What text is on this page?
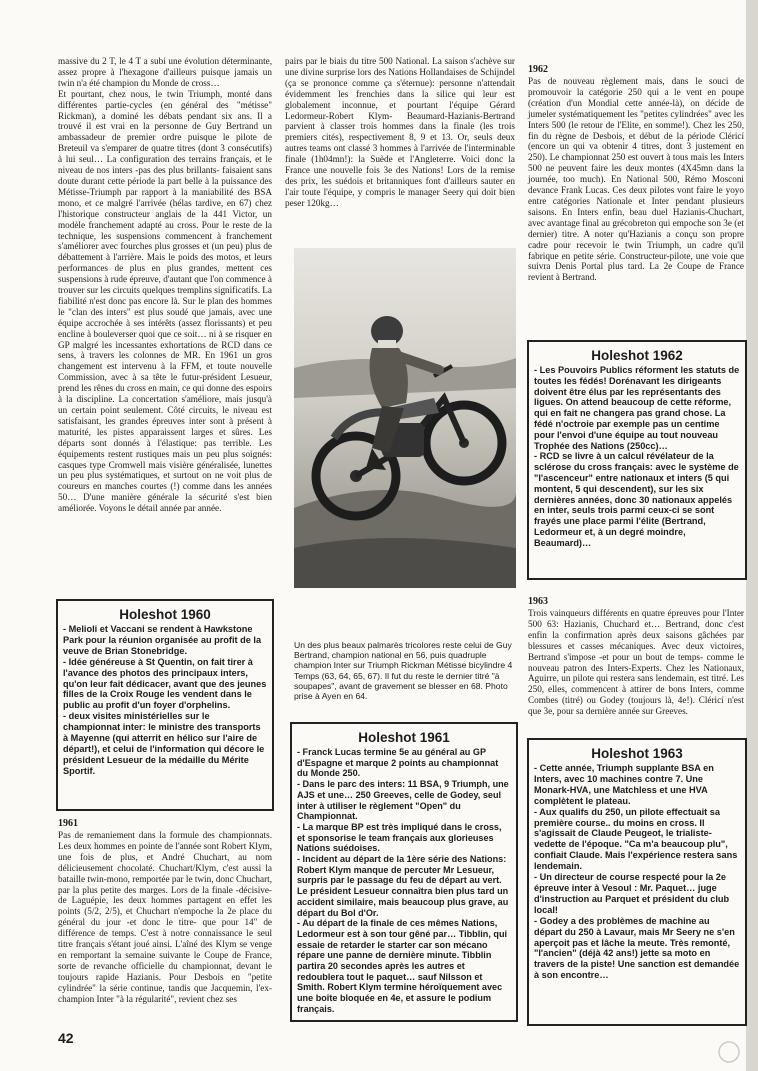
massive du 2 T, le 4 T a subi une évolution déterminante, assez propre à l'hexagone d'ailleurs puisque jamais un twin n'a été champion du Monde de cross…
Et pourtant, chez nous, le twin Triumph, monté dans différentes partie-cycles (en général des "métisse" Rickman), a dominé les débats pendant six ans. Il a trouvé il est vrai en la personne de Guy Bertrand un ambassadeur de premier ordre puisque le pilote de Breteuil va s'emparer de quatre titres (dont 3 consécutifs) à lui seul… La configuration des terrains français, et le niveau de nos inters -pas des plus brillants- faisaient sans doute durant cette période la part belle à la puissance des Métisse-Triumph par rapport à la maniabilité des BSA mono, et ce malgré l'arrivée (hélas tardive, en 67) chez l'historique constructeur anglais de la 441 Victor, un modèle franchement adapté au cross. Pour le reste de la technique, les suspensions commencent à franchement s'améliorer avec fourches plus grosses et (un peu) plus de débattement à l'arrière. Mais le poids des motos, et leurs performances de plus en plus grandes, mettent ces suspensions à rude épreuve, d'autant que l'on commence à trouver sur les circuits quelques tremplins significatifs. La fiabilité n'est donc pas encore là. Sur le plan des hommes le "clan des inters" est plus soudé que jamais, avec une équipe accrochée à ses intérêts (assez florissants) et peu encline à bouleverser quoi que ce soit… ni à se risquer en GP malgré les incessantes exhortations de RCD dans ce sens, à travers les colonnes de MR. En 1961 un gros changement est intervenu à la FFM, et toute nouvelle Commission, avec à sa tête le futur-président Lesueur, prend les rênes du cross en main, ce qui donne des espoirs à la discipline. La concertation s'améliore, mais jusqu'à un certain point seulement. Côté circuits, le niveau est satisfaisant, les grandes épreuves inter sont à présent à maturité, les pistes apparaissent larges et sûres. Les départs sont donnés à l'élastique: pas terrible. Les équipements restent rustiques mais un peu plus soignés: casques type Cromwell mais visière généralisée, lunettes un peu plus systématiques, et surtout on ne voit plus de coureurs en manches courtes (!) comme dans les années 50… D'une manière générale la sécurité s'est bien améliorée. Voyons le détail année par année.

Holeshot 1960

- Melioli et Vaccani se rendent à Hawkstone Park pour la réunion organisée au profit de la veuve de Brian Stonebridge.
- Idée généreuse à St Quentin, on fait tirer à l'avance des photos des principaux inters, qu'on leur fait dédicacer, avant que des jeunes filles de la Croix Rouge les vendent dans le public au profit d'un foyer d'orphelins.
- deux visites ministérielles sur le championnat inter: le ministre des transports à Mayenne (qui atterrit en hélico sur l'aire de départ!), et celui de l'information qui décore le président Lesueur de la médaille du Mérite Sportif.

1961

Pas de remaniement dans la formule des championnats. Les deux hommes en pointe de l'année sont Robert Klym, une fois de plus, et André Chuchart, au nom délicieusement chocolaté. Chuchart/Klym, c'est aussi la bataille twin-mono, remportée par le twin, donc Chuchart, par la plus petite des marges. Lors de la finale -décisive- de Laguépie, les deux hommes partagent en effet les points (5/2, 2/5), et Chuchart n'empoche la 2e place du général du jour -et donc le titre- que pour 14" de différence de temps. C'est à notre connaissance le seul titre français s'étant joué ainsi. L'aîné des Klym se venge en remportant la semaine suivante le Coupe de France, sorte de revanche officielle du championnat, devant le toujours rapide Hazianis. Pour Desbois en "petite cylindrée" la série continue, tandis que Jacquemin, l'ex-champion Inter "à la régularité", revient chez ses

pairs par le biais du titre 500 National. La saison s'achève sur une divine surprise lors des Nations Hollandaises de Schijndel (ça se prononce comme ça s'éternue): personne n'attendait évidemment les frenchies dans la silice qui leur est globalement inconnue, et pourtant l'équipe Gérard Ledormeur-Robert Klym- Beaumard-Hazianis-Bertrand parvient à classer trois hommes dans la finale (les trois premiers cités), respectivement 8, 9 et 13. Or, seuls deux autres teams ont classé 3 hommes à l'arrivée de l'interminable finale (1h04mn!): la Suède et l'Angleterre. Voici donc la France une nouvelle fois 3e des Nations! Lors de la remise des prix, les suédois et britanniques font d'ailleurs sauter en l'air toute l'équipe, y compris le manager Seery qui doit bien peser 120kg…

Un des plus beaux palmarès tricolores reste celui de Guy Bertrand, champion national en 56, puis quadruple champion Inter sur Triumph Rickman Métisse bicylindre 4 Temps (63, 64, 65, 67). Il fut du reste le dernier titré "à soupapes", avant de gravement se blesser en 68. Photo prise à Ayen en 64.

Holeshot 1961

- Franck Lucas termine 5e au général au GP d'Espagne et marque 2 points au championnat du Monde 250.
- Dans le parc des inters: 11 BSA, 9 Triumph, une AJS et une… 250 Greeves, celle de Godey, seul inter à utiliser le règlement "Open" du Championnat.
- La marque BP est très impliqué dans le cross, et sponsorise le team français aux glorieuses Nations suédoises.
- Incident au départ de la 1ère série des Nations: Robert Klym manque de percuter Mr Lesueur, surpris par le passage du feu de départ au vert. Le président Lesueur connaîtra bien plus tard un accident similaire, mais beaucoup plus grave, au départ du Bol d'Or.
- Au départ de la finale de ces mêmes Nations, Ledormeur est à son tour gêné par… Tibblin, qui essaie de retarder le starter car son mécano répare une panne de dernière minute. Tibblin partira 20 secondes après les autres et redoublera tout le paquet… sauf Nilsson et Smith. Robert Klym termine héroïquement avec une boîte bloquée en 4e, et assure le podium français.

1962

Pas de nouveau règlement mais, dans le souci de promouvoir la catégorie 250 qui a le vent en poupe (création d'un Mondial cette année-là), on décide de jumeler systématiquement les "petites cylindrées" avec les Inters 500 (le retour de l'Elite, en somme!). Chez les 250, fin du règne de Desbois, et début de la période Cléricí (encore un qui va obtenir 4 titres, dont 3 justement en 250). Le championnat 250 est ouvert à tous mais les Inters 500 ne peuvent faire les deux montes (4X45mn dans la journée, too much). En National 500, Rémo Mosconi devance Frank Lucas. Ces deux pilotes vont faire le yoyo entre catégories Nationale et Inter pendant plusieurs saisons. En Inters enfin, beau duel Hazianis-Chuchart, avec avantage final au grécobreton qui empoche son 3e (et dernier) titre. A noter qu'Hazianis a conçu son propre cadre pour recevoir le twin Triumph, un cadre qu'il fabrique en petite série. Constructeur-pilote, une voie que suivra Denis Portal plus tard. La 2e Coupe de France revient à Bertrand.

Holeshot 1962

- Les Pouvoirs Publics réforment les statuts de toutes les fédés! Dorénavant les dirigeants doivent être élus par les représentants des ligues. On attend beaucoup de cette réforme, qui en fait ne changera pas grand chose. La fédé n'octroie par exemple pas un centime pour l'envoi d'une équipe au tout nouveau Trophée des Nations (250cc)…
- RCD se livre à un calcul révélateur de la sclérose du cross français: avec le système de "l'ascenceur" entre nationaux et inters (5 qui montent, 5 qui descendent), sur les six dernières années, donc 30 nationaux appelés en inter, seuls trois parmi ceux-ci se sont frayés une place parmi l'élite (Bertrand, Ledormeur et, à un degré moindre, Beaumard)…

1963

Trois vainqueurs différents en quatre épreuves pour l'Inter 500 63: Hazianis, Chuchard et… Bertrand, donc c'est enfin la confirmation après deux saisons gâchées par blessures et casses mécaniques. Avec deux victoires, Bertrand s'impose -et pour un bout de temps- comme le nouveau patron des Inters-Experts. Chez les Nationaux, Aguirre, un pilote qui restera sans lendemain, est titré. Les 250, elles, commencent à attirer de bons Inters, comme Combes (titré) ou Godey (toujours là, 4e!). Cléricí n'est que 3e, pour sa dernière année sur Greeves.

Holeshot 1963

- Cette année, Triumph supplante BSA en Inters, avec 10 machines contre 7. Une Monark-HVA, une Matchless et une HVA complètent le plateau.
- Aux qualifs du 250, un pilote effectuait sa première course.. du moins en cross. Il s'agissait de Claude Peugeot, le trialiste-vedette de l'époque. "Ca m'a beaucoup plu", confiait Claude. Mais l'expérience restera sans lendemain.
- Un directeur de course respecté pour la 2e épreuve inter à Vesoul : Mr. Paquet… juge d'instruction au Parquet et président du club local!
- Godey a des problèmes de machine au départ du 250 à Lavaur, mais Mr Seery ne s'en aperçoit pas et lâche la meute. Très remonté, "l'ancien" (déjà 42 ans!) jette sa moto en travers de la piste! Une sanction est demandée à son encontre…

42
